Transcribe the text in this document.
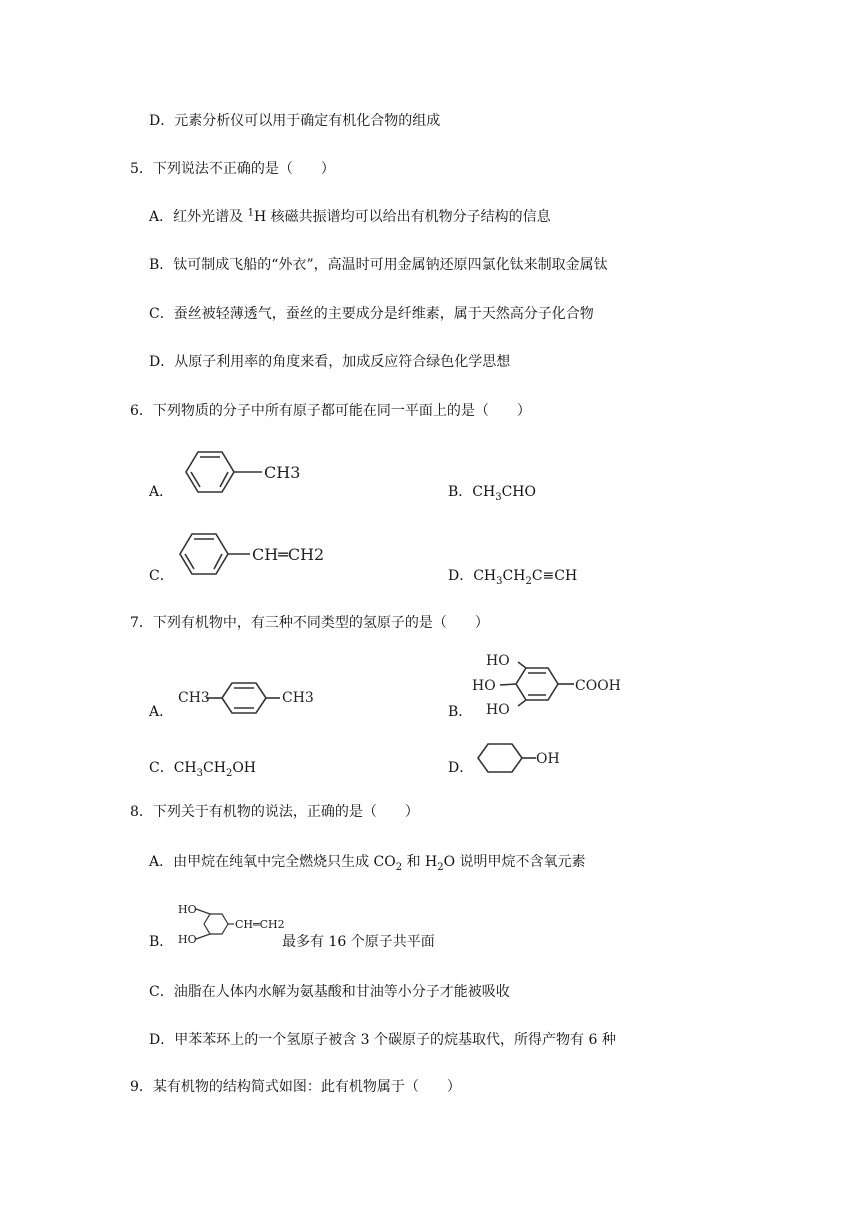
D．元素分析仪可以用于确定有机化合物的组成
5．下列说法不正确的是（　　）
A．红外光谱及 $^1$H 核磁共振谱均可以给出有机物分子结构的信息
B．钛可制成飞船的“外衣”，高温时可用金属钠还原四氯化钛来制取金属钛
C．蚕丝被轻薄透气，蚕丝的主要成分是纤维素，属于天然高分子化合物
D．从原子利用率的角度来看，加成反应符合绿色化学思想
6．下列物质的分子中所有原子都可能在同一平面上的是（　　）
A．
CH3
B．$CH_3CHO$
C．
CH═CH2
D．$CH_3CH_2C\equiv CH$
7．下列有机物中，有三种不同类型的氢原子的是（　　）
A．
CH3	CH3
B．
HO
HO
HO
COOH
C．$CH_3CH_2OH$	D．
OH
8．下列关于有机物的说法，正确的是（　　）
A．由甲烷在纯氧中完全燃烧只生成 $CO_2$ 和 $H_2O$ 说明甲烷不含氧元素
B．
HO
HO
CH═CH2
最多有 16 个原子共平面
C．油脂在人体内水解为氨基酸和甘油等小分子才能被吸收
D．甲苯苯环上的一个氢原子被含 3 个碳原子的烷基取代，所得产物有 6 种
9．某有机物的结构简式如图：此有机物属于（　　）
